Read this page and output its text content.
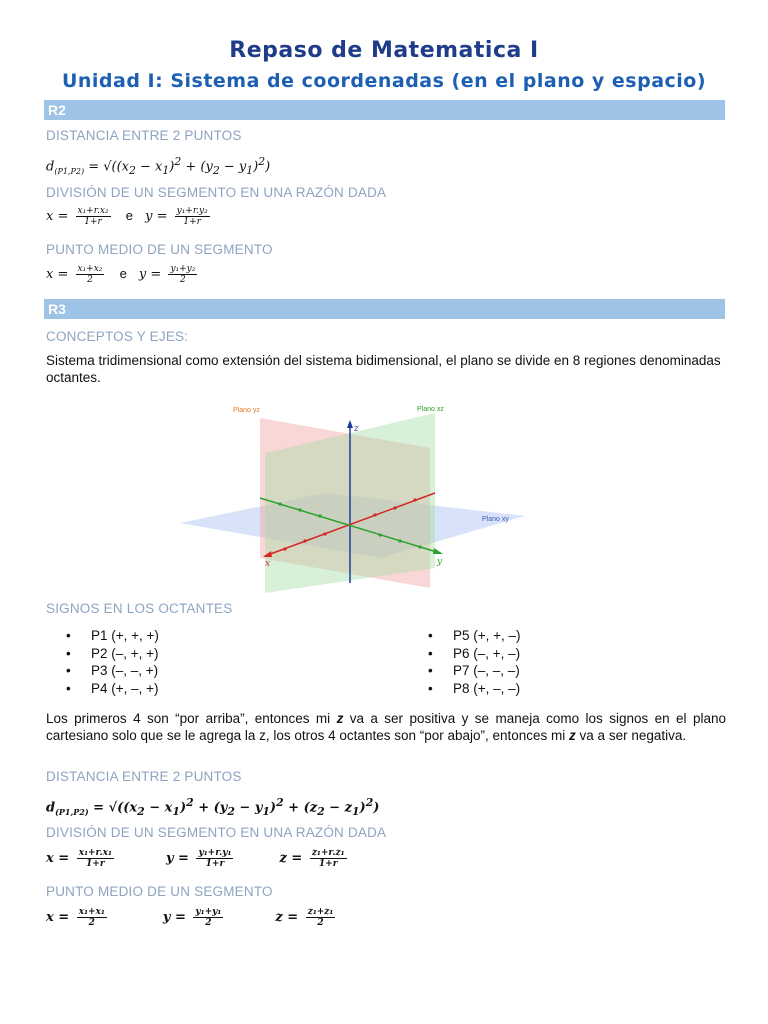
Repaso de Matematica I
Unidad I: Sistema de coordenadas (en el plano y espacio)
R2
DISTANCIA ENTRE 2 PUNTOS
$d_{(P1,P2)} = √((x_2 - x_1)^2 + (y_2 - y_1)^2)$
DIVISIÓN DE UN SEGMENTO EN UNA RAZÓN DADA
$x = \frac{\text{x₁+r.x₂}}{1+r}$ e $y = \frac{\text{y₁+r.y₂}}{1+r}$
PUNTO MEDIO DE UN SEGMENTO
$x = \frac{\text{x₁+x₂}}{2}$ e $y = \frac{\text{y₁+y₂}}{2}$
R3
CONCEPTOS Y EJES:
Sistema tridimensional como extensión del sistema bidimensional, el plano se divide en 8 regiones denominadas octantes.
Plano yz	Plano xz
Plano xy
z
x	y
SIGNOS EN LOS OCTANTES
• P1 (+, +, +)
• P2 (–, +, +)
• P3 (–, –, +)
• P4 (+, –, +)
• P5 (+, +, –)
• P6 (–, +, –)
• P7 (–, –, –)
• P8 (+, –, –)
Los primeros 4 son “por arriba”, entonces mi z va a ser positiva y se maneja como los signos en el plano cartesiano solo que se le agrega la z, los otros 4 octantes son “por abajo”, entonces mi z va a ser negativa.
DISTANCIA ENTRE 2 PUNTOS
$d_{(P1,P2)} = √((x_2 - x_1)^2 + (y_2 - y_1)^2 + (z_2 - z_1)^2)$
DIVISIÓN DE UN SEGMENTO EN UNA RAZÓN DADA
$x = \frac{\text{x₁+r.x₁}}{1+r}$	$y = \frac{\text{y₁+r.y₁}}{1+r}$	$z = \frac{\text{z₁+r.z₁}}{1+r}$
PUNTO MEDIO DE UN SEGMENTO
$x = \frac{\text{x₁+x₁}}{2}$	$y = \frac{\text{y₁+y₁}}{2}$	$z = \frac{\text{z₁+z₁}}{2}$
